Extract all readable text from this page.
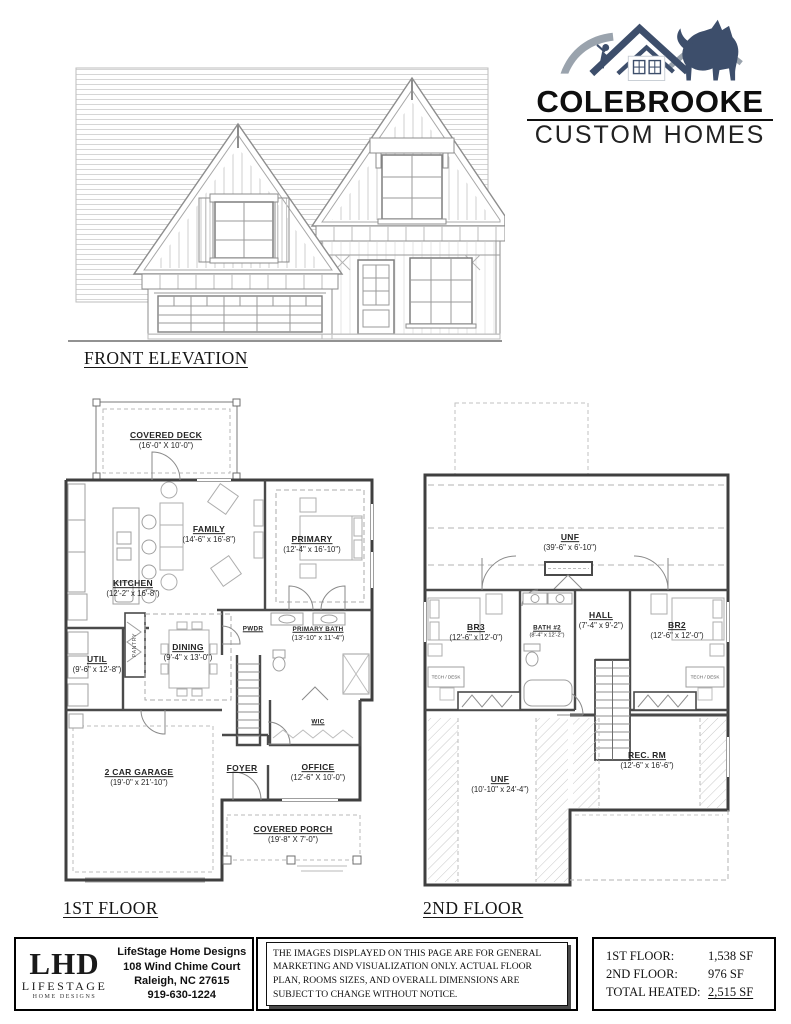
FRONT ELEVATION
COLEBROOKE
CUSTOM HOMES
COVERED DECK
(16'-0" X 10'-0")
FAMILY
(14'-6" x 16'-8")
KITCHEN
(12'-2" x 16'-8")
PRIMARY
(12'-4" x 16'-10")
UTIL
(9'-6" x 12'-8")
DINING
(9'-4" x 13'-0")
PANTRY
PWDR	PRIMARY BATH
(13'-10" x 11'-4")
WIC
FOYER	OFFICE
(12'-6" X 10'-0")
2 CAR GARAGE
(19'-0" x 21'-10")
COVERED PORCH
(19'-8" X 7'-0")
1ST FLOOR
UNF
(39'-6" x 6'-10")
BR3
(12'-6" x 12'-0")
HALL
(7'-4" x 9'-2")	BR2
(12'-6" x 12'-0")
BATH #2
(8'-4" x 12'-2")
TECH / DESK	TECH / DESK
REC. RM
(12'-6" x 16'-6")
UNF
(10'-10" x 24'-4")
2ND FLOOR
LHD
LIFESTAGE
HOME DESIGNS
LifeStage Home Designs
108 Wind Chime Court
Raleigh, NC 27615
919-630-1224
THE IMAGES DISPLAYED ON THIS PAGE ARE FOR GENERAL MARKETING AND VISUALIZATION ONLY. ACTUAL FLOOR PLAN, ROOMS SIZES, AND OVERALL DIMENSIONS ARE SUBJECT TO CHANGE WITHOUT NOTICE.
1ST FLOOR:	1,538 SF
2ND FLOOR:	976 SF
TOTAL HEATED: 2,515 SF
